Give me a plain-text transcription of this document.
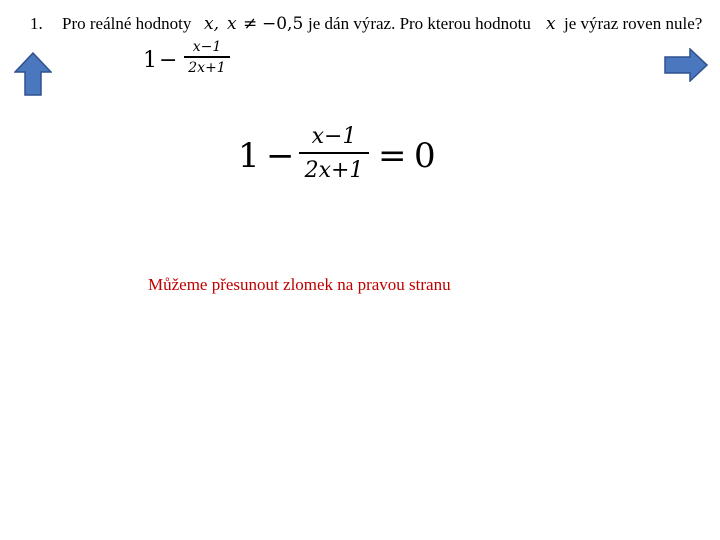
1. Pro reálné hodnoty x, x ≠ −0,5 je dán výraz. Pro kterou hodnotu x je výraz roven nule?
1 −
x−1
2x+1
1 − x−1
2x+1 = 0
Můžeme přesunout zlomek na pravou stranu
